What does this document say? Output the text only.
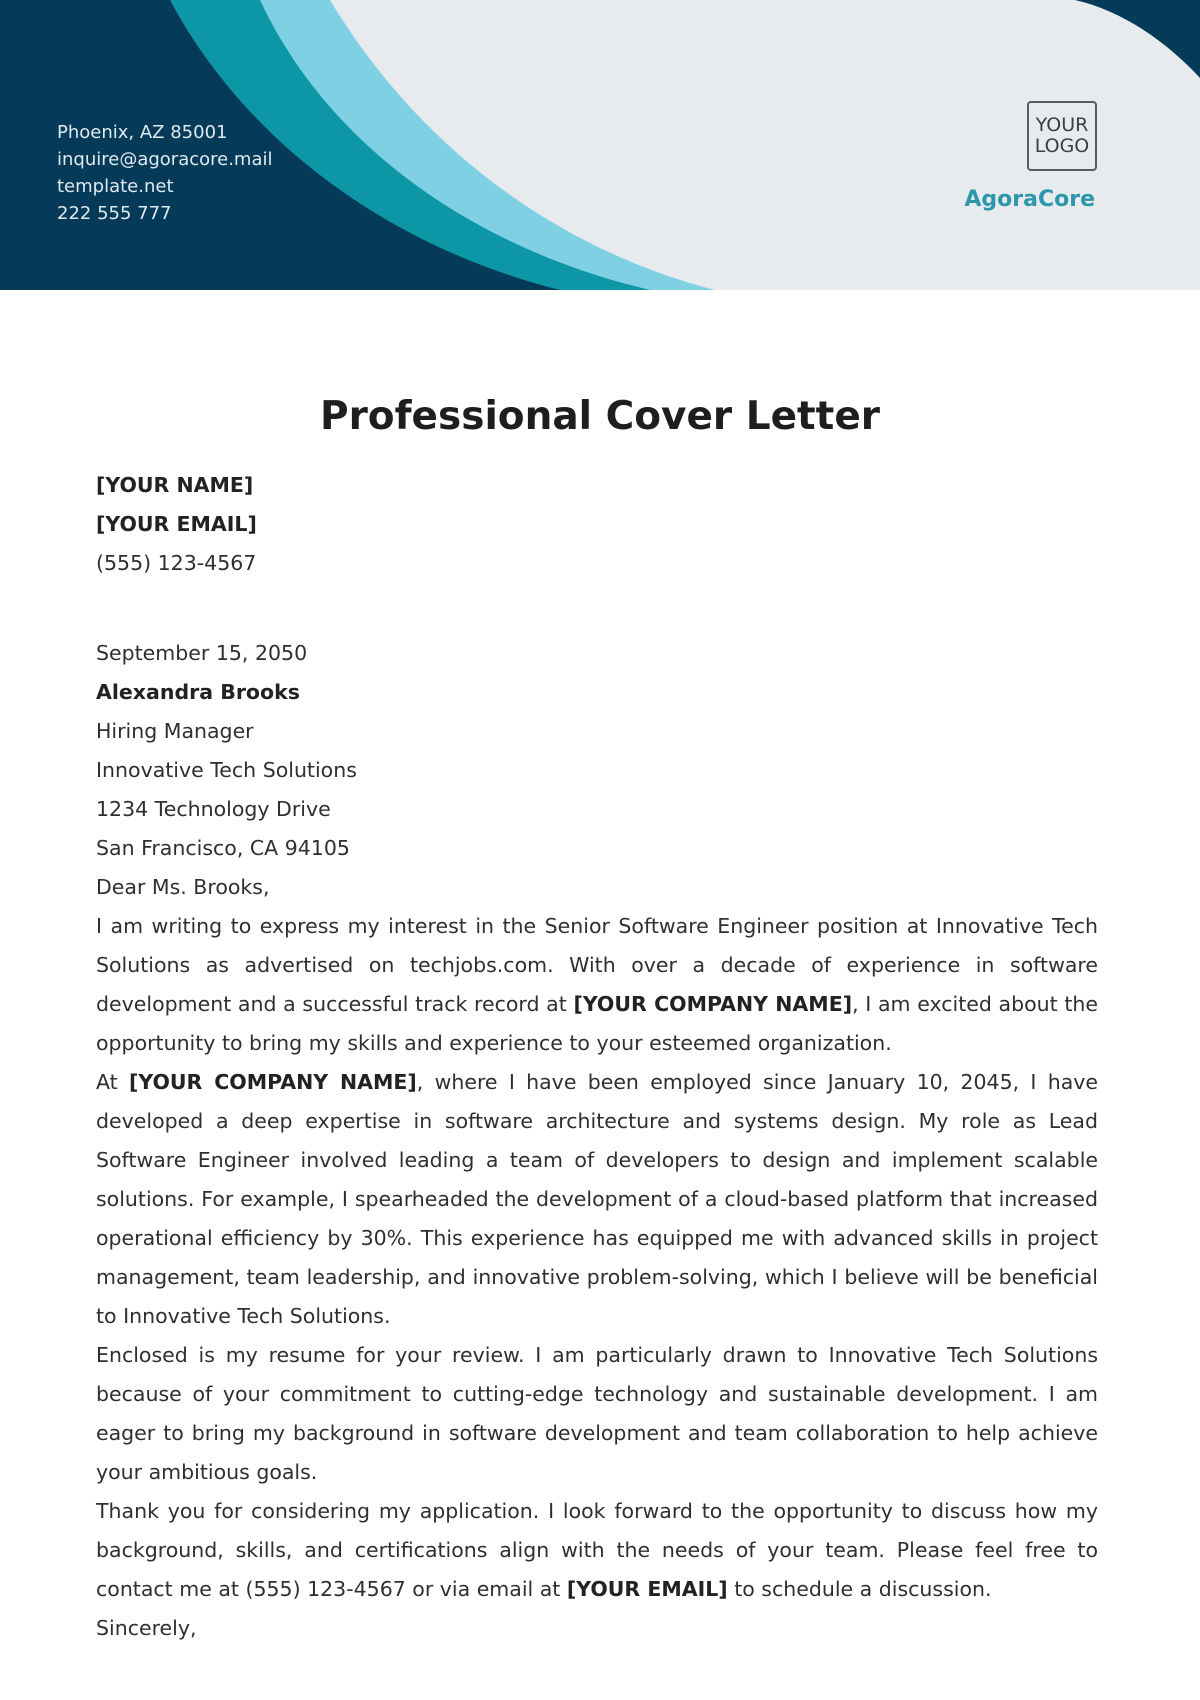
Phoenix, AZ 85001
inquire@agoracore.mail
template.net
222 555 777
YOUR
LOGO
AgoraCore
Professional Cover Letter
[YOUR NAME]
[YOUR EMAIL]
(555) 123-4567
September 15, 2050
Alexandra Brooks
Hiring Manager
Innovative Tech Solutions
1234 Technology Drive
San Francisco, CA 94105
Dear Ms. Brooks,
I am writing to express my interest in the Senior Software Engineer position at Innovative Tech Solutions as advertised on techjobs.com. With over a decade of experience in software development and a successful track record at [YOUR COMPANY NAME], I am excited about the opportunity to bring my skills and experience to your esteemed organization.
At [YOUR COMPANY NAME], where I have been employed since January 10, 2045, I have developed a deep expertise in software architecture and systems design. My role as Lead Software Engineer involved leading a team of developers to design and implement scalable solutions. For example, I spearheaded the development of a cloud-based platform that increased operational efficiency by 30%. This experience has equipped me with advanced skills in project management, team leadership, and innovative problem-solving, which I believe will be beneficial to Innovative Tech Solutions.
Enclosed is my resume for your review. I am particularly drawn to Innovative Tech Solutions because of your commitment to cutting-edge technology and sustainable development. I am eager to bring my background in software development and team collaboration to help achieve your ambitious goals.
Thank you for considering my application. I look forward to the opportunity to discuss how my background, skills, and certifications align with the needs of your team. Please feel free to contact me at (555) 123-4567 or via email at [YOUR EMAIL] to schedule a discussion.
Sincerely,
